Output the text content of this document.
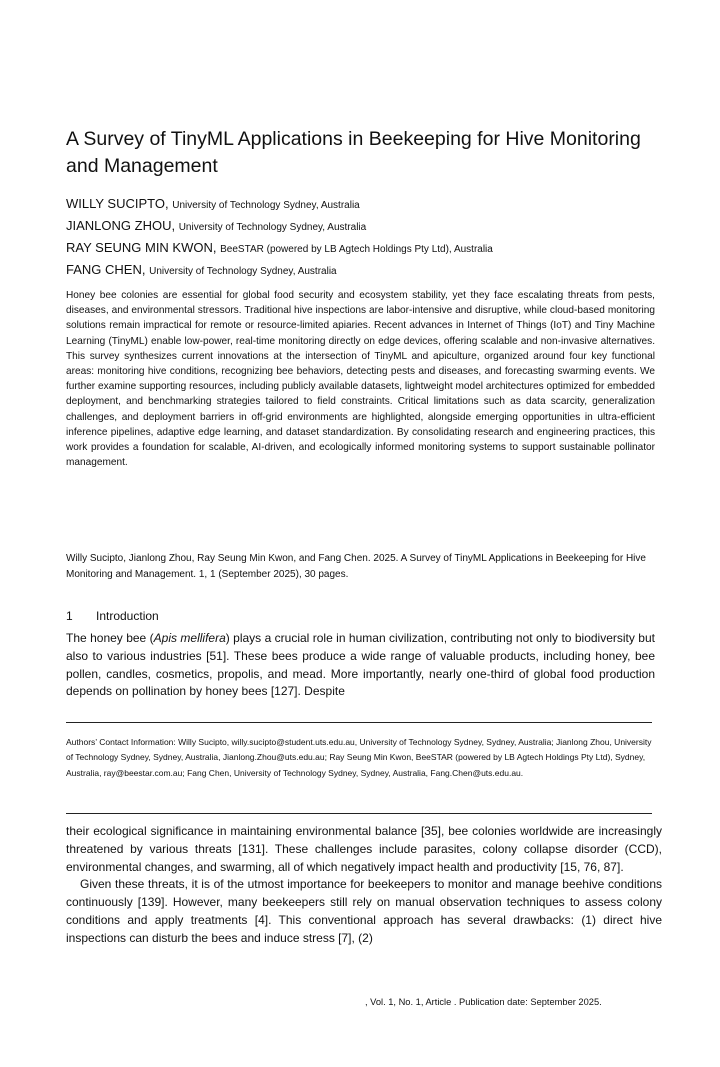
A Survey of TinyML Applications in Beekeeping for Hive Monitoring and Management
WILLY SUCIPTO, University of Technology Sydney, Australia
JIANLONG ZHOU, University of Technology Sydney, Australia
RAY SEUNG MIN KWON, BeeSTAR (powered by LB Agtech Holdings Pty Ltd), Australia
FANG CHEN, University of Technology Sydney, Australia
Honey bee colonies are essential for global food security and ecosystem stability, yet they face escalating threats from pests, diseases, and environmental stressors. Traditional hive inspections are labor-intensive and disruptive, while cloud-based monitoring solutions remain impractical for remote or resource-limited apiaries. Recent advances in Internet of Things (IoT) and Tiny Machine Learning (TinyML) enable low-power, real-time monitoring directly on edge devices, offering scalable and non-invasive alternatives. This survey synthesizes current innovations at the intersection of TinyML and apiculture, organized around four key functional areas: monitoring hive conditions, recognizing bee behaviors, detecting pests and diseases, and forecasting swarming events. We further examine supporting resources, including publicly available datasets, lightweight model architectures optimized for embedded deployment, and benchmarking strategies tailored to field constraints. Critical limitations such as data scarcity, generalization challenges, and deployment barriers in off-grid environments are highlighted, alongside emerging opportunities in ultra-efficient inference pipelines, adaptive edge learning, and dataset standardization. By consolidating research and engineering practices, this work provides a foundation for scalable, AI-driven, and ecologically informed monitoring systems to support sustainable pollinator management.
Willy Sucipto, Jianlong Zhou, Ray Seung Min Kwon, and Fang Chen. 2025. A Survey of TinyML Applications in Beekeeping for Hive Monitoring and Management. 1, 1 (September 2025), 30 pages.
1 Introduction
The honey bee (Apis mellifera) plays a crucial role in human civilization, contributing not only to biodiversity but also to various industries [51]. These bees produce a wide range of valuable products, including honey, bee pollen, candles, cosmetics, propolis, and mead. More importantly, nearly one-third of global food production depends on pollination by honey bees [127]. Despite
Authors’ Contact Information: Willy Sucipto, willy.sucipto@student.uts.edu.au, University of Technology Sydney, Sydney, Australia; Jianlong Zhou, University of Technology Sydney, Sydney, Australia, Jianlong.Zhou@uts.edu.au; Ray Seung Min Kwon, BeeSTAR (powered by LB Agtech Holdings Pty Ltd), Sydney, Australia, ray@beestar.com.au; Fang Chen, University of Technology Sydney, Sydney, Australia, Fang.Chen@uts.edu.au.

their ecological significance in maintaining environmental balance [35], bee colonies worldwide are increasingly threatened by various threats [131]. These challenges include parasites, colony collapse disorder (CCD), environmental changes, and swarming, all of which negatively impact health and productivity [15, 76, 87].

Given these threats, it is of the utmost importance for beekeepers to monitor and manage beehive conditions continuously [139]. However, many beekeepers still rely on manual observation techniques to assess colony conditions and apply treatments [4]. This conventional approach has several drawbacks: (1) direct hive inspections can disturb the bees and induce stress [7], (2)

, Vol. 1, No. 1, Article . Publication date: September 2025.
